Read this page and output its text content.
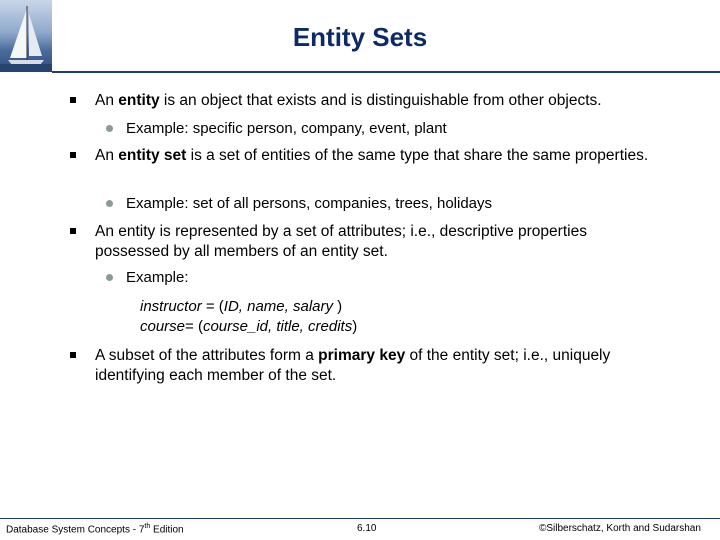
Entity Sets
An entity is an object that exists and is distinguishable from other objects.
Example: specific person, company, event, plant
An entity set is a set of entities of the same type that share the same properties.
Example: set of all persons, companies, trees, holidays
An entity is represented by a set of attributes; i.e., descriptive properties possessed by all members of an entity set.
Example:
instructor = (ID, name, salary )
course= (course_id, title, credits)
A subset of the attributes form a primary key of the entity set; i.e., uniquely identifying each member of the set.
Database System Concepts - 7th Edition	6.10	©Silberschatz, Korth and Sudarshan
